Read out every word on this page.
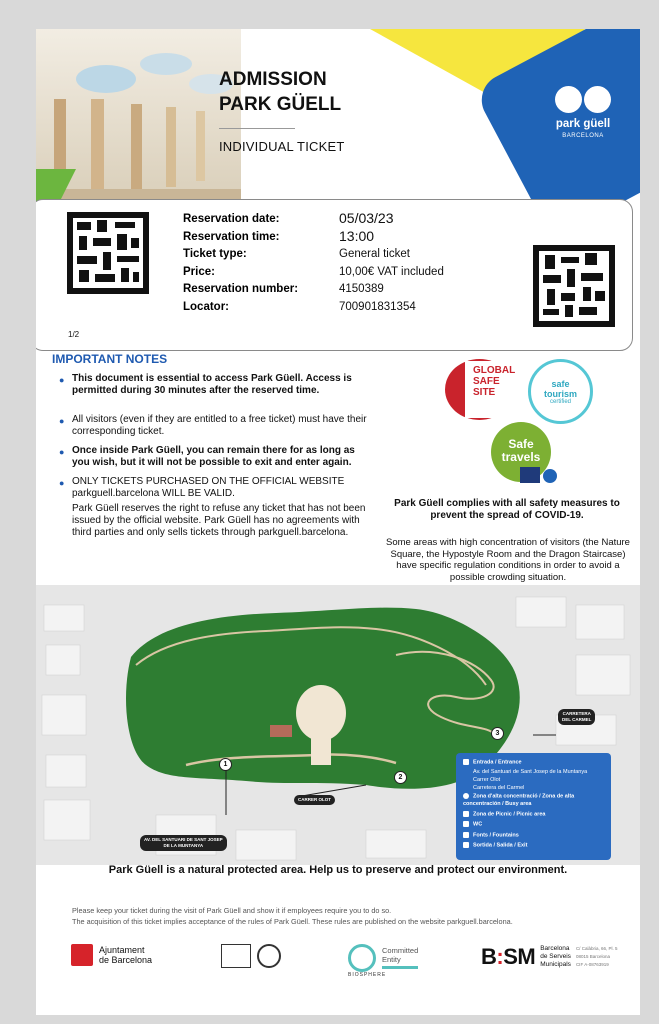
ADMISSION
PARK GÜELL
INDIVIDUAL TICKET
park güell
BARCELONA
Reservation date:	05/03/23
Reservation time:	13:00
Ticket type:	General ticket
Price:	10,00€ VAT included
Reservation number:	4150389
Locator:	700901831354
1/2
IMPORTANT NOTES
● This document is essential to access Park Güell. Access is permitted during 30 minutes after the reserved time.
● All visitors (even if they are entitled to a free ticket) must have their corresponding ticket.
● Once inside Park Güell, you can remain there for as long as you wish, but it will not be possible to exit and enter again.
● ONLY TICKETS PURCHASED ON THE OFFICIAL WEBSITE parkguell.barcelona WILL BE VALID.
Park Güell reserves the right to refuse any ticket that has not been issued by the official website. Park Güell has no agreements with third parties and only sells tickets through parkguell.barcelona.
GLOBAL
SAFE
SITE
safe
tourism
certified
Safe
travels
Park Güell complies with all safety measures to prevent the spread of COVID-19.
Some areas with high concentration of visitors (the Nature Square, the Hypostyle Room and the Dragon Staircase) have specific regulation conditions in order to avoid a possible crowding situation.
CARRETERA
DEL CARMEL
CARRER OLOT
AV. DEL SANTUARI DE SANT JOSEP
DE LA MUNTANYA
1
2
3
Entrada / Entrance
Av. del Santuari de Sant Josep de la Muntanya
Carrer Olot
Carretera del Carmel
Zona d'alta concentració / Zona de alta concentración / Busy area
Zona de Picnic / Picnic area
WC
Fonts / Fountains
Sortida / Salida / Exit
Park Güell is a natural protected area. Help us to preserve and protect our environment.
Please keep your ticket during the visit of Park Güell and show it if employees require you to do so.
The acquisition of this ticket implies acceptance of the rules of Park Güell. These rules are published on the website parkguell.barcelona.
Ajuntament
de Barcelona
Committed
Entity
BIOSPHERE
B:SM Barcelona
de Serveis
Municipals
C/ Calàbria, 66, Pl. 5
08015 Barcelona
CIF A-08763919
